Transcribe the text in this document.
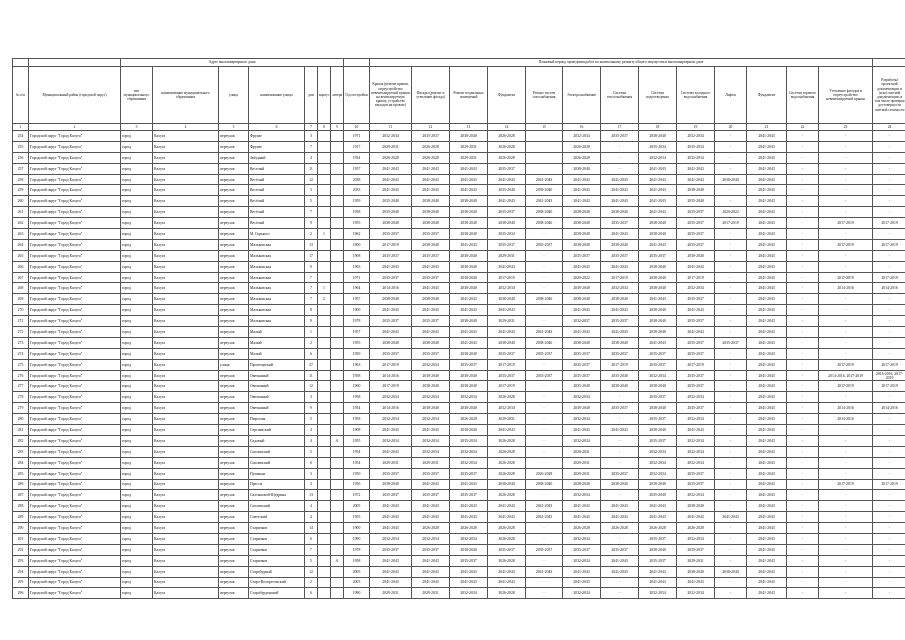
		Адрес многоквартирного дома								Плановый период проведения работ по капитальному ремонту общего имущества в многоквартирном доме													
№ п/п	Муниципальный район (городской округ)	тип муниципального образования	наименование муниципального образования	улица	наименование улицы	дом	корпус	литера	Год постройки	Крыша (ремонт крыши, переустройство невентилируемой крыши на вентилируемую крышу, устройство выходов на кровлю)	Фасады (ремонт и утепление фасада)	Ремонт подвальных помещений	Фундамент	Ремонт систем газоснабжения	Электроснабжение	Система теплоснабжения	Система водоотведения	Система холодного водоснабжения	Лифты	Фундамент	Система горячего водоснабжения	Утепление фасадов и переустройство невентилируемой крыши	Разработка проектной документации и (или) сметной документации, в том числе проверка достоверности сметной стоимости
1	2	3	4	5	6	7	8	9	10	11	12	13	14	15	16	17	18	19	20	21	22	23	24
254	Городской округ "Город Калуга"	город	Калуга	переулок	Фрунзе	3			1971	2032-2034	2035-2037	2038-2040	2026-2028		2032-2034	2035-2037	2038-2040	2032-2034	-	2041-2043	-	-	-
255	Городской округ "Город Калуга"	город	Калуга	переулок	Фрунзе	7			1917	2029-2031	2026-2028	2029-2031	2026-2028		2026-2028	-	2035-2034	2035-2034	-	2041-2043	-	-	-
256	Городской округ "Город Калуга"	город	Калуга	переулок	Звёздный	4			1954	2026-2028	2026-2028	2029-2031	2026-2028		2026-2028	-	2032-2034	2032-2034	-	2041-2043	-	-	-
257	Городской округ "Город Калуга"	город	Калуга	переулок	Веселый	11			1957	2041-2043	2041-2043	2041-2043	2035-2037		2038-2040	-	2041-2043	2041-2043	-	2041-2043	-	-	-
258	Городской округ "Город Калуга"	город	Калуга	переулок	Весёлый	12			2038	2041-2043	2041-2043	2041-2043	2041-2043	2041-2043	2041-2043	2041-2043	2041-2043	2041-2043	2038-2040	2041-2043	-	-	-
259	Городской округ "Город Калуга"	город	Калуга	переулок	Весёлый	3			2033	2041-2043	2041-2043	2041-2043	2035-2040	2039-2040	2041-2043	2041-2043	2041-2043	2038-2040	-	2041-2043	-	-	-
260	Городской округ "Город Калуга"	город	Калуга	переулок	Весёлый	5			1959	2035-2040	2038-2040	2038-2040	2041-2043	2041-2043	2041-2043	2041-2043	2041-2043	2035-2040	-	2041-2043	-	-	-
261	Городской округ "Город Калуга"	город	Калуга	переулок	Весёлый	7			1958	2035-2040	2038-2040	2038-2040	2035-2037	2038-2040	2038-2040	2038-2040	2041-2043	2035-2037	2020-2022	2041-2043	-	-	-
262	Городской округ "Город Калуга"	город	Калуга	переулок	Весёлый	9			1955	2038-2040	2038-2040	2038-2040	2038-2040	2038-2040	2038-2040	2035-2037	2038-2040	2035-2037	2017-2019	2041-2043	-	2017-2019	2017-2019
263	Городской округ "Город Калуга"	город	Калуга	переулок	М. Горького	2	1		1962	2035-2037	2035-2037	2038-2040	2035-2034	-	2038-2040	2041-2043	2038-2040	2035-2037	-	2041-2043	-	-	-
264	Городской округ "Город Калуга"	город	Калуга	переулок	Мальковская	13			1900	2017-2019	2038-2040	2041-2043	2035-2037	2035-2037	2038-2040	2038-2040	2041-2043	2035-2037	-	2041-2043	-	2017-2019	2017-2019
265	Городской округ "Город Калуга"	город	Калуга	переулок	Мальковская	17			1908	2035-2037	2035-2037	2038-2040	2029-2031	-	2035-2037	2035-2037	2035-2037	2038-2040	-	2041-2043	-	-	-
266	Городской округ "Город Калуга"	город	Калуга	переулок	Мальковская	9			1963	2041-2043	2041-2043	2038-2040	2041-2043	-	2041-2043	2041-2043	2038-2040	2041-2043	-	2041-2043	-	-	-
267	Городской округ "Город Калуга"	город	Калуга	переулок	Мальковская	7			1971	2035-2037	2035-2037	2038-2040	2017-2019	-	2020-2022	2017-2019	2038-2040	2017-2019	-	2041-2043	-	2017-2019	2017-2019
268	Городской округ "Город Калуга"	город	Калуга	переулок	Мальковская	7	1		1964	2014-2016	2041-2043	2038-2040	2032-2034	-	2038-2040	2032-2034	2038-2040	2032-2034	-	2041-2043	-	2014-2016	2014-2016
269	Городской округ "Город Калуга"	город	Калуга	переулок	Мальковская	7	2		1957	2038-2040	2038-2040	2041-2043	2038-2040	2038-2040	2038-2040	2038-2040	2041-2043	2035-2037	-	2041-2043	-	-	-
270	Городской округ "Город Калуга"	город	Калуга	переулок	Мальковская	8			1900	2041-2043	2041-2043	2041-2043	2041-2043	-	2041-2043	2041-2043	2038-2040	2041-2043	-	2041-2043	-	-	-
271	Городской округ "Город Калуга"	город	Калуга	переулок	Мальковская	9			1978	2035-2037	2035-2037	2038-2040	2029-2031	-	2032-2037	2035-2037	2038-2040	2035-2037	-	2041-2043	-	-	-
272	Городской округ "Город Калуга"	город	Калуга	переулок	Малый	1			1957	2041-2043	2041-2043	2041-2043	2041-2043	2041-2043	2041-2043	2041-2043	2038-2040	2041-2043	-	2041-2043	-	-	-
273	Городской округ "Город Калуга"	город	Калуга	переулок	Малый	2			1955	2038-2040	2038-2040	2041-2043	2038-2040	2038-2040	2038-2040	2038-2040	2041-2043	2035-2037	2035-2037	2041-2043	-	-	-
274	Городской округ "Город Калуга"	город	Калуга	переулок	Малый	6			1959	2035-2037	2035-2037	2038-2040	2035-2037	2035-2037	2035-2037	2035-2037	2035-2037	2035-2037	-	2041-2043	-	-	-
275	Городской округ "Город Калуга"	город	Калуга	улица	Пролетарский	27			1963	2017-2019	2032-2034	2035-2037	2017-2019	-	2035-2037	2017-2019	2035-2037	2017-2019	-	2041-2043	-	2017-2019	2017-2019
276	Городской округ "Город Калуга"	город	Калуга	переулок	Овечкиный	11			1958	2014-2016	2038-2040	2038-2040	2035-2037	2035-2037	2035-2037	2035-2040	2032-2034	2035-2037	-	2041-2043	-	2014-2016, 2017-2019	2014-2016, 2017-2019
277	Городской округ "Город Калуга"	город	Калуга	переулок	Овечкиный	12			1960	2017-2019	2038-2040	2038-2040	2017-2019	-	2035-2040	2038-2040	2038-2040	2035-2037	-	2041-2043	-	2017-2019	2017-2019
278	Городской округ "Город Калуга"	город	Калуга	переулок	Овечкиный	3			1958	2032-2034	2032-2034	2032-2034	2026-2028	-	2032-2034	-	2035-2037	2032-2034	-	2041-2043	-	-	-
279	Городской округ "Город Калуга"	город	Калуга	переулок	Овечкиный	9			1954	2014-2016	2038-2040	2038-2040	2032-2034	-	2038-2040	2035-2037	2038-2040	2035-2037	-	2041-2043	-	2014-2016	2014-2016
280	Городской округ "Город Калуга"	город	Калуга	переулок	Пирогова	5			1958	2032-2034	2032-2034	2026-2028	2029-2031	-	2032-2034	-	2035-2037	2032-2034	-	2041-2043	-	2014-2016	-
281	Городской округ "Город Калуга"	город	Калуга	переулок	Сергиевский	4			1908	2041-2043	2041-2043	2038-2040	2041-2043	-	2041-2043	2041-2043	2038-2040	2041-2043	-	2041-2043	-	-	-
282	Городской округ "Город Калуга"	город	Калуга	переулок	Садовый	4		А	1955	2032-2034	2032-2034	2035-2034	2026-2028	-	2032-2034	-	2035-2037	2032-2034	-	2041-2043	-	-	-
283	Городской округ "Город Калуга"	город	Калуга	переулок	Смоленский	5			1954	2041-2043	2032-2034	2032-2034	2026-2028	-	2026-2031	-	2032-2034	2032-2034	-	2041-2043	-	-	-
284	Городской округ "Город Калуга"	город	Калуга	переулок	Смоленский	6			1954	2029-2031	2029-2031	2032-2034	2026-2028	-	2029-2031	-	2032-2034	2032-2034	-	2041-2043	-	-	-
285	Городской округ "Город Калуга"	город	Калуга	переулок	Пушкина	3			1950	2035-2037	2035-2037	2035-2037	2026-2028	2026-2028	2029-2031	2035-2037	2032-2034	2035-2037	-	2041-2043	-	-	-
286	Городской округ "Город Калуга"	город	Калуга	переулок	Прессы	3			1956	2038-2040	2041-2043	2041-2043	2038-2040	2038-2040	2038-2040	2038-2040	2038-2040	2035-2037	-	2041-2043	-	2017-2019	2017-2019
287	Городской округ "Город Калуга"	город	Калуга	переулок	Салтыковой-Щедрина	13			1972	2035-2037	2035-2037	2035-2037	2026-2028	-	2032-2034	-	2035-2040	2032-2034	-	2041-2043	-	-	-
288	Городской округ "Город Калуга"	город	Калуга	переулок	Смоленский	4			2005	2041-2043	2041-2043	2041-2043	2041-2043	2041-2043	2041-2043	2041-2043	2041-2043	2038-2040	-	2041-2043	-	-	-
289	Городской округ "Город Калуга"	город	Калуга	переулок	Советский	4			1955	2041-2043	2041-2043	2041-2043	2041-2043	2041-2043	2041-2043	2041-2043	2041-2043	2041-2043	2041-2043	2041-2043	-	-	-
290	Городской округ "Город Калуга"	город	Калуга	переулок	Старичков	14			1900	2041-2043	2026-2028	2026-2028	2026-2028	-	2026-2028	2026-2028	2026-2028	2026-2028	-	2041-2043	-	-	-
291	Городской округ "Город Калуга"	город	Калуга	переулок	Старичков	6			1990	2032-2034	2032-2034	2032-2034	2026-2028	-	2032-2034	-	2035-2037	2032-2034	-	2041-2043	-	-	-
292	Городской округ "Город Калуга"	город	Калуга	переулок	Старичков	7			1978	2035-2037	2035-2037	2038-2040	2035-2037	2035-2037	2035-2037	2035-2037	2038-2040	2035-2037	-	2041-2043	-	-	-
293	Городской округ "Город Калуга"	город	Калуга	переулок	Старичков	5		А	1958	2041-2043	2041-2043	2035-2037	2026-2028	-	2032-2034	2041-2043	2035-2037	2029-2031	-	2041-2043	-	-	-
294	Городской округ "Город Калуга"	город	Калуга	переулок	Старобудный	12			2005	2041-2043	2041-2043	2041-2043	2041-2043	2041-2043	2041-2043	2041-2043	2041-2043	2038-2040	2038-2040	2041-2043	-	-	-
295	Городской округ "Город Калуга"	город	Калуга	переулок	Старо-Воскресенский	2			2003	2041-2043	2041-2043	2041-2043	2041-2043	-	2041-2043	-	2041-2043	2041-2043	-	2041-2043	-	-	-
296	Городской округ "Город Калуга"	город	Калуга	переулок	Старобурденский	6			1990	2029-2031	2029-2031	2032-2034	2026-2028	-	2032-2034	-	2032-2034	2032-2034	-	2041-2043	-	-	-
